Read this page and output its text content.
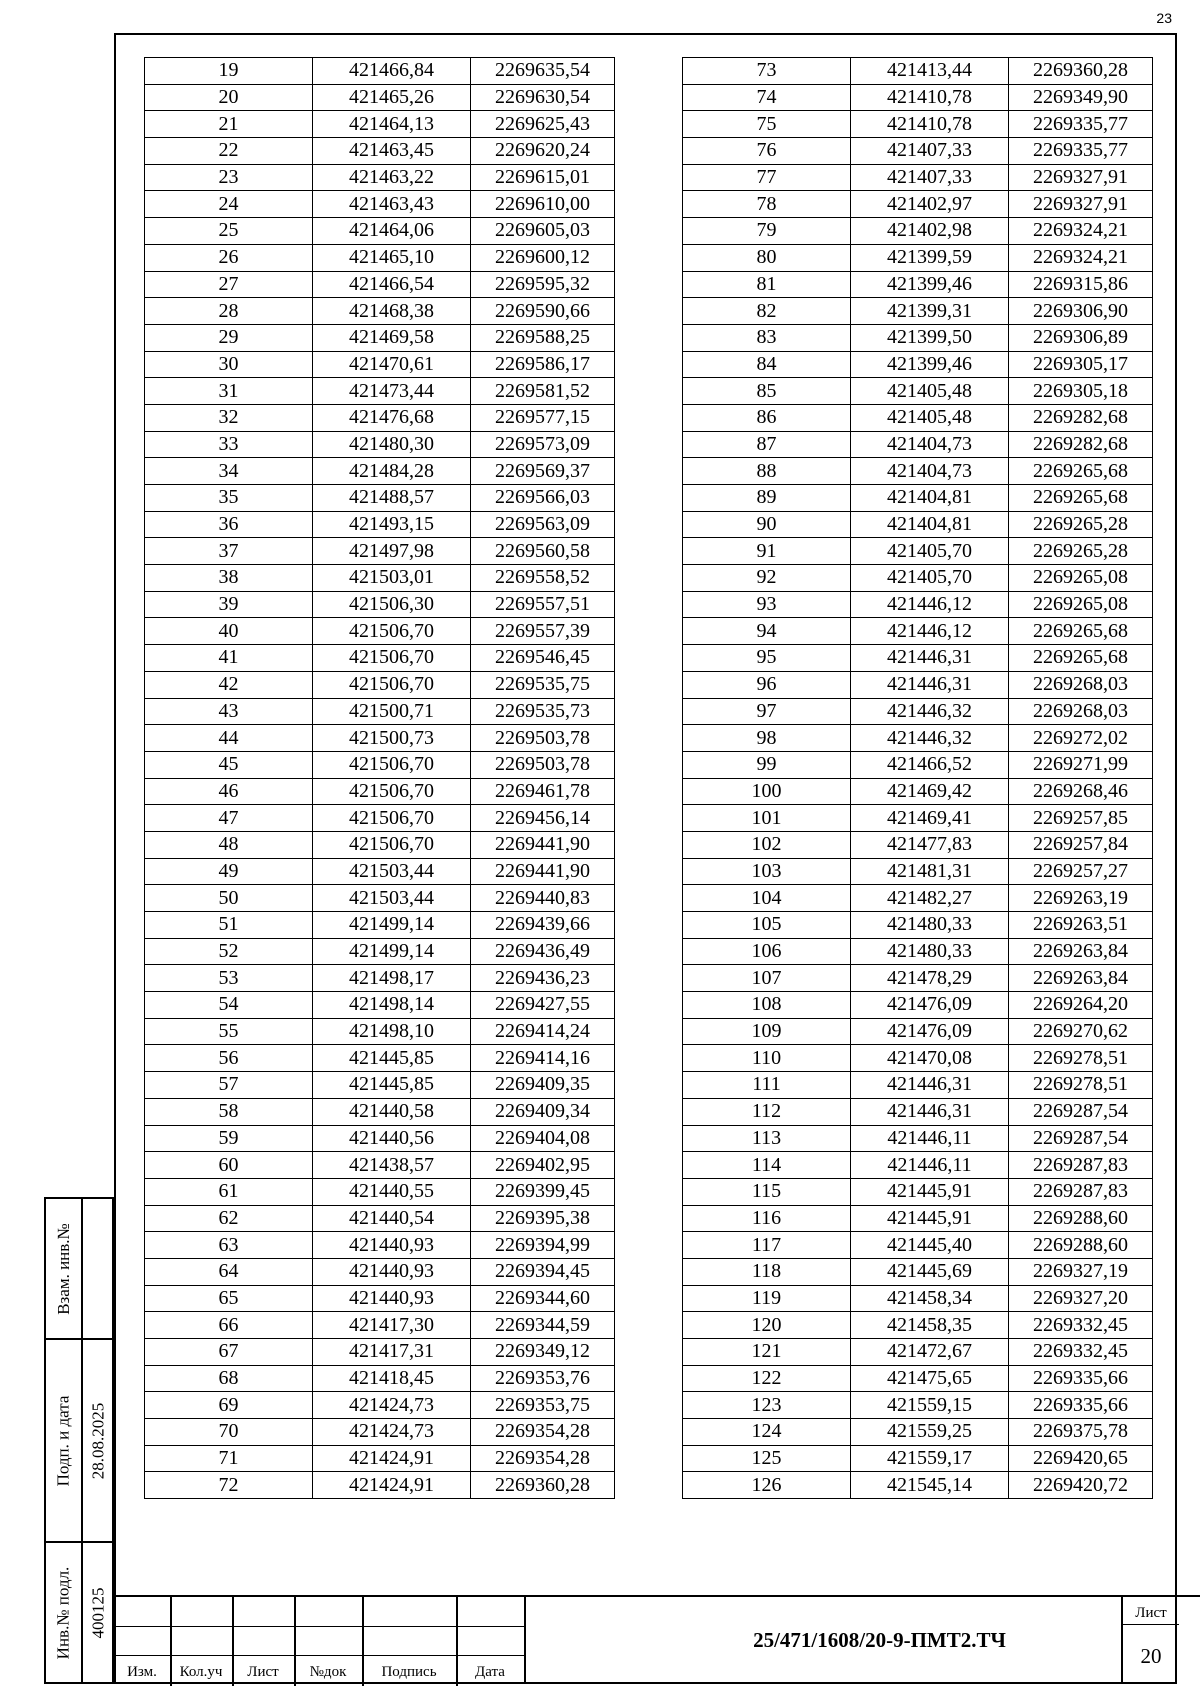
23
19	421466,84	2269635,54
20	421465,26	2269630,54
21	421464,13	2269625,43
22	421463,45	2269620,24
23	421463,22	2269615,01
24	421463,43	2269610,00
25	421464,06	2269605,03
26	421465,10	2269600,12
27	421466,54	2269595,32
28	421468,38	2269590,66
29	421469,58	2269588,25
30	421470,61	2269586,17
31	421473,44	2269581,52
32	421476,68	2269577,15
33	421480,30	2269573,09
34	421484,28	2269569,37
35	421488,57	2269566,03
36	421493,15	2269563,09
37	421497,98	2269560,58
38	421503,01	2269558,52
39	421506,30	2269557,51
40	421506,70	2269557,39
41	421506,70	2269546,45
42	421506,70	2269535,75
43	421500,71	2269535,73
44	421500,73	2269503,78
45	421506,70	2269503,78
46	421506,70	2269461,78
47	421506,70	2269456,14
48	421506,70	2269441,90
49	421503,44	2269441,90
50	421503,44	2269440,83
51	421499,14	2269439,66
52	421499,14	2269436,49
53	421498,17	2269436,23
54	421498,14	2269427,55
55	421498,10	2269414,24
56	421445,85	2269414,16
57	421445,85	2269409,35
58	421440,58	2269409,34
59	421440,56	2269404,08
60	421438,57	2269402,95
61	421440,55	2269399,45
62	421440,54	2269395,38
63	421440,93	2269394,99
64	421440,93	2269394,45
65	421440,93	2269344,60
66	421417,30	2269344,59
67	421417,31	2269349,12
68	421418,45	2269353,76
69	421424,73	2269353,75
70	421424,73	2269354,28
71	421424,91	2269354,28
72	421424,91	2269360,28
73	421413,44	2269360,28
74	421410,78	2269349,90
75	421410,78	2269335,77
76	421407,33	2269335,77
77	421407,33	2269327,91
78	421402,97	2269327,91
79	421402,98	2269324,21
80	421399,59	2269324,21
81	421399,46	2269315,86
82	421399,31	2269306,90
83	421399,50	2269306,89
84	421399,46	2269305,17
85	421405,48	2269305,18
86	421405,48	2269282,68
87	421404,73	2269282,68
88	421404,73	2269265,68
89	421404,81	2269265,68
90	421404,81	2269265,28
91	421405,70	2269265,28
92	421405,70	2269265,08
93	421446,12	2269265,08
94	421446,12	2269265,68
95	421446,31	2269265,68
96	421446,31	2269268,03
97	421446,32	2269268,03
98	421446,32	2269272,02
99	421466,52	2269271,99
100	421469,42	2269268,46
101	421469,41	2269257,85
102	421477,83	2269257,84
103	421481,31	2269257,27
104	421482,27	2269263,19
105	421480,33	2269263,51
106	421480,33	2269263,84
107	421478,29	2269263,84
108	421476,09	2269264,20
109	421476,09	2269270,62
110	421470,08	2269278,51
111	421446,31	2269278,51
112	421446,31	2269287,54
113	421446,11	2269287,54
114	421446,11	2269287,83
115	421445,91	2269287,83
116	421445,91	2269288,60
117	421445,40	2269288,60
118	421445,69	2269327,19
119	421458,34	2269327,20
120	421458,35	2269332,45
121	421472,67	2269332,45
122	421475,65	2269335,66
123	421559,15	2269335,66
124	421559,25	2269375,78
125	421559,17	2269420,65
126	421545,14	2269420,72
Взам. инв.№
Подп. и дата 28.08.2025
Инв.№ подл. 400125
Изм.	Кол.уч	Лист	№док	Подпись	Дата
25/471/1608/20-9-ПМТ2.ТЧ
Лист
20
